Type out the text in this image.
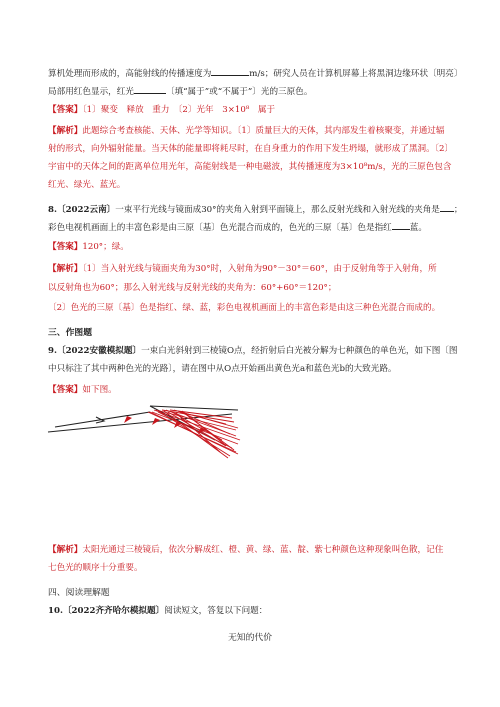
算机处理而形成的，高能射线的传播速度为	m/s；研究人员在计算机屏幕上将黑洞边缘环状〔明亮〕
局部用红色显示，红光	〔填“属于”或“不属于”〕光的三原色。
【答案】〔1〕聚变　释放　重力　〔2〕光年　3×10⁸　属于
【解析】此题综合考查核能、天体、光学等知识。〔1〕质量巨大的天体，其内部发生着核聚变，并通过辐
射的形式，向外辐射能量。当天体的能量即将耗尽时，在自身重力的作用下发生坍塌，就形成了黑洞。〔2〕
宇宙中的天体之间的距离单位用光年，高能射线是一种电磁波，其传播速度为3×10⁸m/s，光的三原色包含
红光、绿光、蓝光。
8.〔2022云南〕一束平行光线与镜面成30°的夹角入射到平面镜上，那么反射光线和入射光线的夹角是 ；
彩色电视机画面上的丰富色彩是由三原〔基〕色光混合而成的，色光的三原〔基〕色是指红 蓝。
【答案】120°；绿。
【解析】〔1〕当入射光线与镜面夹角为30°时，入射角为90°－30°＝60°，由于反射角等于入射角，所
以反射角也为60°；那么入射光线与反射光线的夹角为：60°+60°＝120°；
〔2〕色光的三原〔基〕色是指红、绿、蓝，彩色电视机画面上的丰富色彩是由这三种色光混合而成的。
三、作图题
9.〔2022安徽模拟题〕一束白光斜射到三棱镜O点，经折射后白光被分解为七种颜色的单色光，如下图〔图
中只标注了其中两种色光的光路〕，请在图中从O点开始画出黄色光a和蓝色光b的大致光路。
【答案】如下图。
【解析】太阳光通过三棱镜后，依次分解成红、橙、黄、绿、蓝、靛、紫七种颜色这种现象叫色散，记住
七色光的顺序十分重要。
四、阅读理解题
10.〔2022齐齐哈尔模拟题〕阅读短文，答复以下问题：
无知的代价
